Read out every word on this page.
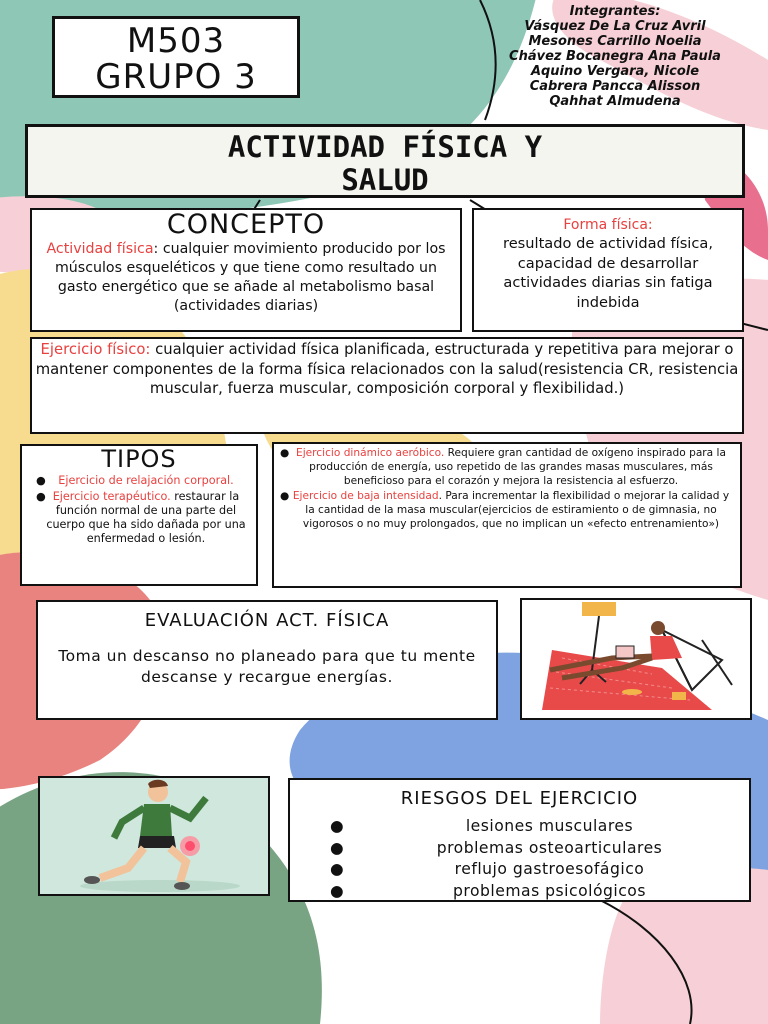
M503
GRUPO 3
Integrantes:
Vásquez De La Cruz Avril
Mesones Carrillo Noelia
Chávez Bocanegra Ana Paula
Aquino Vergara, Nicole
Cabrera Pancca Alisson
Qahhat Almudena
ACTIVIDAD FÍSICA Y
SALUD
CONCEPTO
Actividad física: cualquier movimiento producido por los músculos esqueléticos y que tiene como resultado un gasto energético que se añade al metabolismo basal (actividades diarias)
Forma física:
resultado de actividad física, capacidad de desarrollar actividades diarias sin fatiga indebida
Ejercicio físico: cualquier actividad física planificada, estructurada y repetitiva para mejorar o mantener componentes de la forma física relacionados con la salud(resistencia CR, resistencia muscular, fuerza muscular, composición corporal y flexibilidad.)
TIPOS
● Ejercicio de relajación corporal.
● Ejercicio terapéutico. restaurar la función normal de una parte del cuerpo que ha sido dañada por una enfermedad o lesión.
● Ejercicio dinámico aeróbico. Requiere gran cantidad de oxígeno inspirado para la producción de energía, uso repetido de las grandes masas musculares, más beneficioso para el corazón y mejora la resistencia al esfuerzo.
● Ejercicio de baja intensidad. Para incrementar la flexibilidad o mejorar la calidad y la cantidad de la masa muscular(ejercicios de estiramiento o de gimnasia, no vigorosos o no muy prolongados, que no implican un «efecto entrenamiento»)
EVALUACIÓN ACT. FÍSICA
Toma un descanso no planeado para que tu mente descanse y recargue energías.
RIESGOS DEL EJERCICIO
●	lesiones musculares
●	problemas osteoarticulares
●	reflujo gastroesofágico
●	problemas psicológicos
